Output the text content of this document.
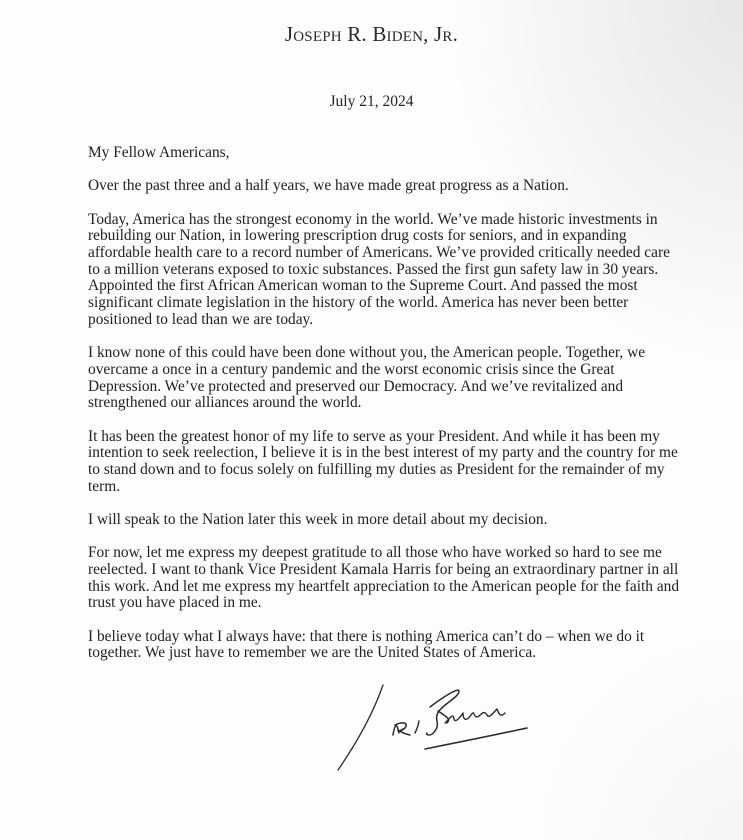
Joseph R. Biden, Jr.
July 21, 2024

My Fellow Americans,

Over the past three and a half years, we have made great progress as a Nation.

Today, America has the strongest economy in the world. We’ve made historic investments in
rebuilding our Nation, in lowering prescription drug costs for seniors, and in expanding
affordable health care to a record number of Americans. We’ve provided critically needed care
to a million veterans exposed to toxic substances. Passed the first gun safety law in 30 years.
Appointed the first African American woman to the Supreme Court. And passed the most
significant climate legislation in the history of the world. America has never been better
positioned to lead than we are today.

I know none of this could have been done without you, the American people. Together, we
overcame a once in a century pandemic and the worst economic crisis since the Great
Depression. We’ve protected and preserved our Democracy. And we’ve revitalized and
strengthened our alliances around the world.

It has been the greatest honor of my life to serve as your President. And while it has been my
intention to seek reelection, I believe it is in the best interest of my party and the country for me
to stand down and to focus solely on fulfilling my duties as President for the remainder of my
term.

I will speak to the Nation later this week in more detail about my decision.

For now, let me express my deepest gratitude to all those who have worked so hard to see me
reelected. I want to thank Vice President Kamala Harris for being an extraordinary partner in all
this work. And let me express my heartfelt appreciation to the American people for the faith and
trust you have placed in me.

I believe today what I always have: that there is nothing America can’t do – when we do it
together. We just have to remember we are the United States of America.
